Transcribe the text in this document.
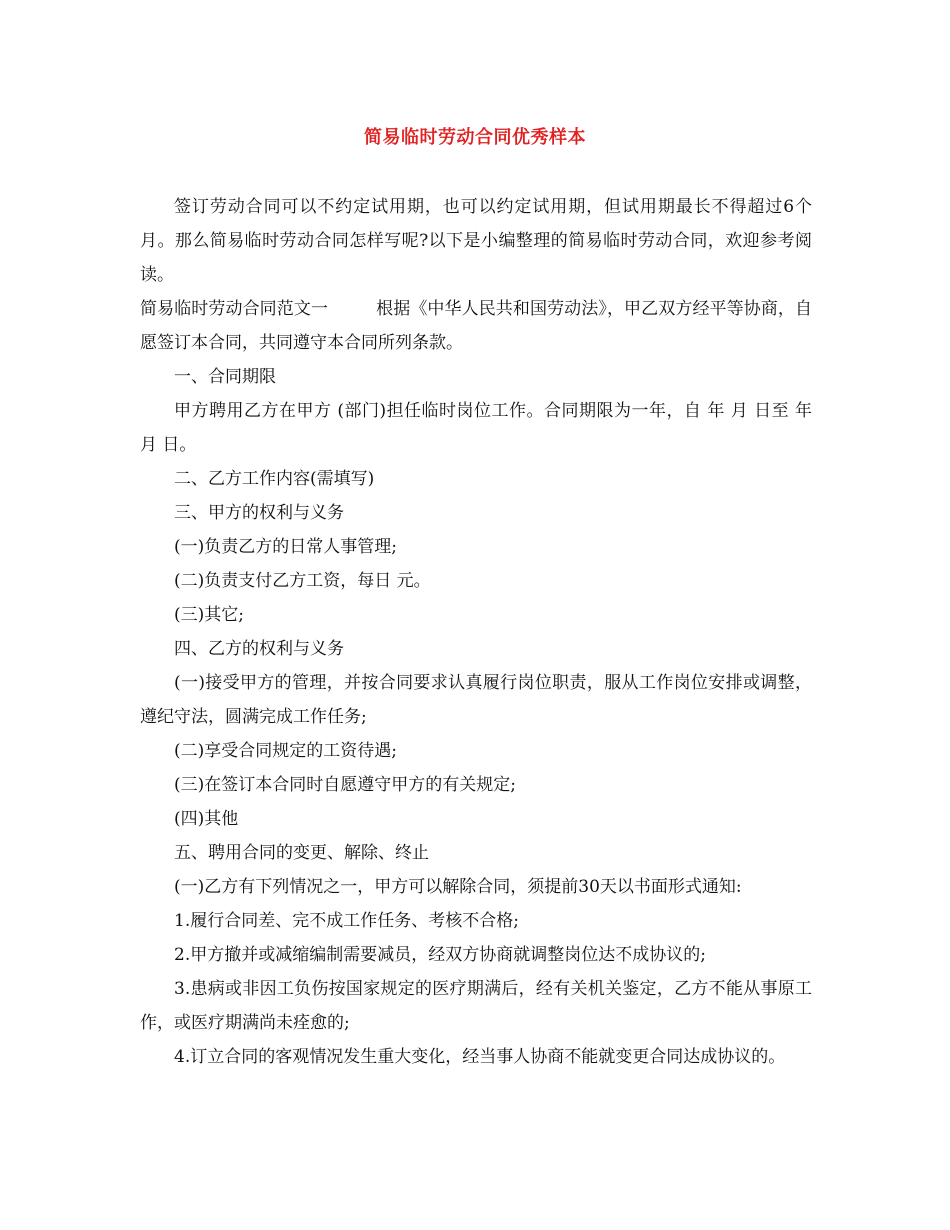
简易临时劳动合同优秀样本

签订劳动合同可以不约定试用期，也可以约定试用期，但试用期最长不得超过6个月。那么简易临时劳动合同怎样写呢?以下是小编整理的简易临时劳动合同，欢迎参考阅读。

简易临时劳动合同范文一	根据《中华人民共和国劳动法》，甲乙双方经平等协商，自愿签订本合同，共同遵守本合同所列条款。

一、合同期限

甲方聘用乙方在甲方 (部门)担任临时岗位工作。合同期限为一年，自 年 月 日至 年 月 日。

二、乙方工作内容(需填写)

三、甲方的权利与义务

(一)负责乙方的日常人事管理;

(二)负责支付乙方工资，每日 元。

(三)其它;

四、乙方的权利与义务

(一)接受甲方的管理，并按合同要求认真履行岗位职责，服从工作岗位安排或调整，遵纪守法，圆满完成工作任务;

(二)享受合同规定的工资待遇;

(三)在签订本合同时自愿遵守甲方的有关规定;

(四)其他

五、聘用合同的变更、解除、终止

(一)乙方有下列情况之一，甲方可以解除合同，须提前30天以书面形式通知:

1.履行合同差、完不成工作任务、考核不合格;

2.甲方撤并或减缩编制需要减员，经双方协商就调整岗位达不成协议的;

3.患病或非因工负伤按国家规定的医疗期满后，经有关机关鉴定，乙方不能从事原工作，或医疗期满尚未痊愈的;

4.订立合同的客观情况发生重大变化，经当事人协商不能就变更合同达成协议的。
